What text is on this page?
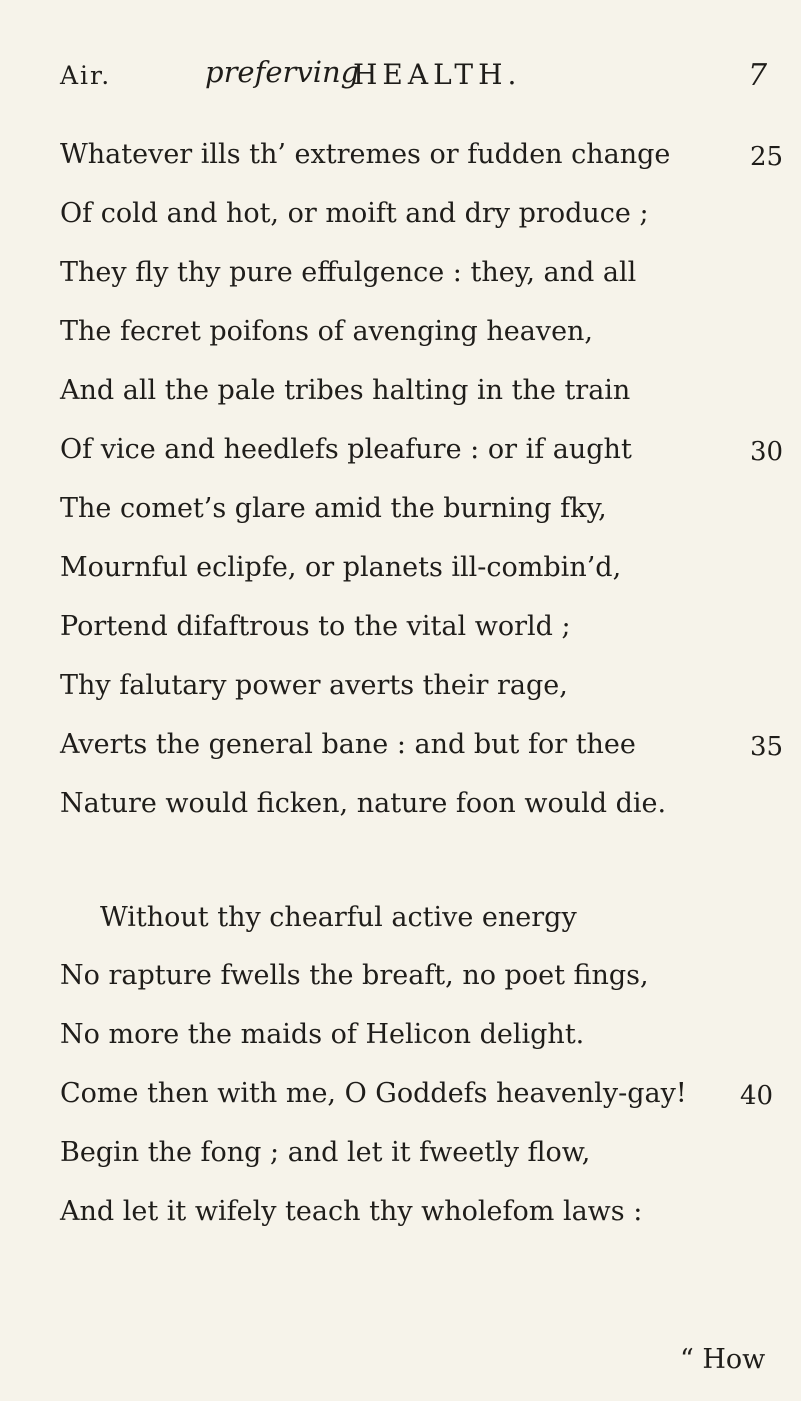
Air.	preferving
HEALTH.	7
Whatever ills th’ extremes or fudden change
Of cold and hot, or moift and dry produce ;
They fly thy pure effulgence : they, and all
The fecret poifons of avenging heaven,
And all the pale tribes halting in the train
Of vice and heedlefs pleafure : or if aught
The comet’s glare amid the burning fky,
Mournful eclipfe, or planets ill-combin’d,
Portend difaftrous to the vital world ;
Thy falutary power averts their rage,
Averts the general bane : and but for thee
Nature would ficken, nature foon would die.
Without thy chearful active energy
No rapture fwells the breaft, no poet fings,
No more the maids of Helicon delight.
Come then with me, O Goddefs heavenly-gay!
Begin the fong ; and let it fweetly flow,
And let it wifely teach thy wholefom laws :
25
30
35
40
“ How
